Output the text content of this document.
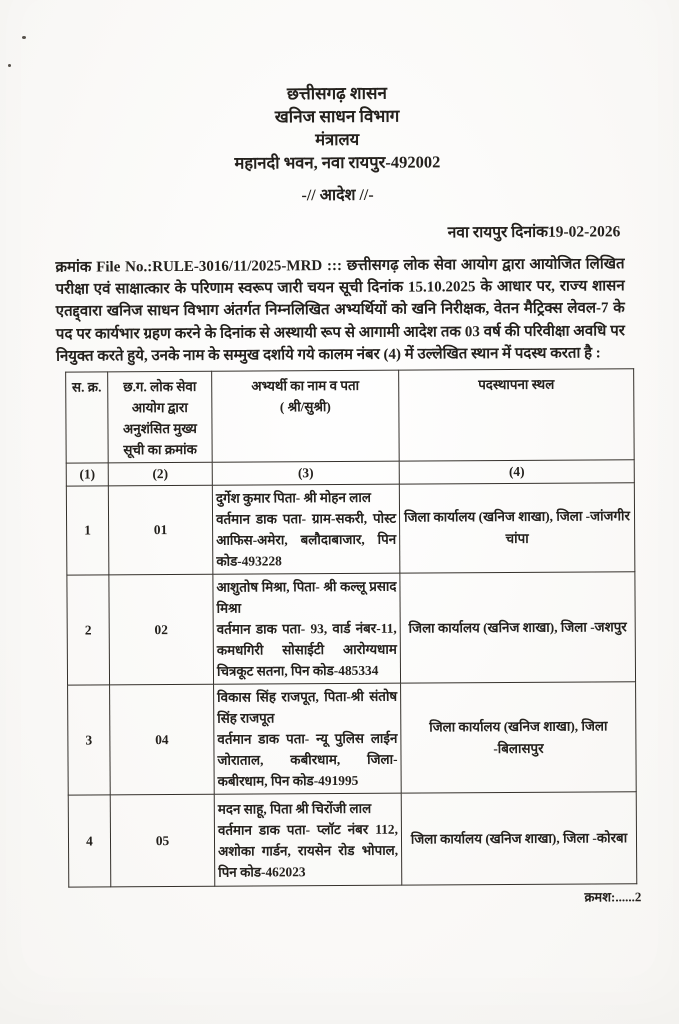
छत्तीसगढ़ शासन
खनिज साधन विभाग
मंत्रालय
महानदी भवन, नवा रायपुर-492002
-// आदेश //-
नवा रायपुर दिनांक19-02-2026

क्रमांक File No.:RULE-3016/11/2025-MRD ::: छत्तीसगढ़ लोक सेवा आयोग द्वारा आयोजित लिखित परीक्षा एवं साक्षात्कार के परिणाम स्वरूप जारी चयन सूची दिनांक 15.10.2025 के आधार पर, राज्य शासन एतद्द्वारा खनिज साधन विभाग अंतर्गत निम्नलिखित अभ्यर्थियों को खनि निरीक्षक, वेतन मैट्रिक्स लेवल-7 के पद पर कार्यभार ग्रहण करने के दिनांक से अस्थायी रूप से आगामी आदेश तक 03 वर्ष की परिवीक्षा अवधि पर नियुक्त करते हुये, उनके नाम के सम्मुख दर्शाये गये कालम नंबर (4) में उल्लेखित स्थान में पदस्थ करता है :

स. क्र.	छ.ग. लोक सेवा आयोग द्वारा अनुशंसित मुख्य सूची का क्रमांक	अभ्यर्थी का नाम व पता
( श्री/सुश्री)	पदस्थापना स्थल
(1)	(2)	(3)	(4)
1	01	दुर्गेश कुमार पिता- श्री मोहन लाल
वर्तमान डाक पता- ग्राम-सकरी, पोस्ट आफिस-अमेरा, बलौदाबाजार, पिन कोड-493228	जिला कार्यालय (खनिज शाखा), जिला -जांजगीर चांपा
2	02	आशुतोष मिश्रा, पिता- श्री कल्लू प्रसाद मिश्रा
वर्तमान डाक पता- 93, वार्ड नंबर-11, कमधगिरी सोसाईटी आरोग्यधाम चित्रकूट सतना, पिन कोड-485334	जिला कार्यालय (खनिज शाखा), जिला -जशपुर
3	04	विकास सिंह राजपूत, पिता-श्री संतोष सिंह राजपूत
वर्तमान डाक पता- न्यू पुलिस लाईन जोराताल, कबीरधाम, जिला-कबीरधाम, पिन कोड-491995	जिला कार्यालय (खनिज शाखा), जिला -बिलासपुर
4	05	मदन साहू, पिता श्री चिरोंजी लाल
वर्तमान डाक पता- प्लॉट नंबर 112, अशोका गार्डन, रायसेन रोड भोपाल, पिन कोड-462023	जिला कार्यालय (खनिज शाखा), जिला -कोरबा
क्रमश:......2
